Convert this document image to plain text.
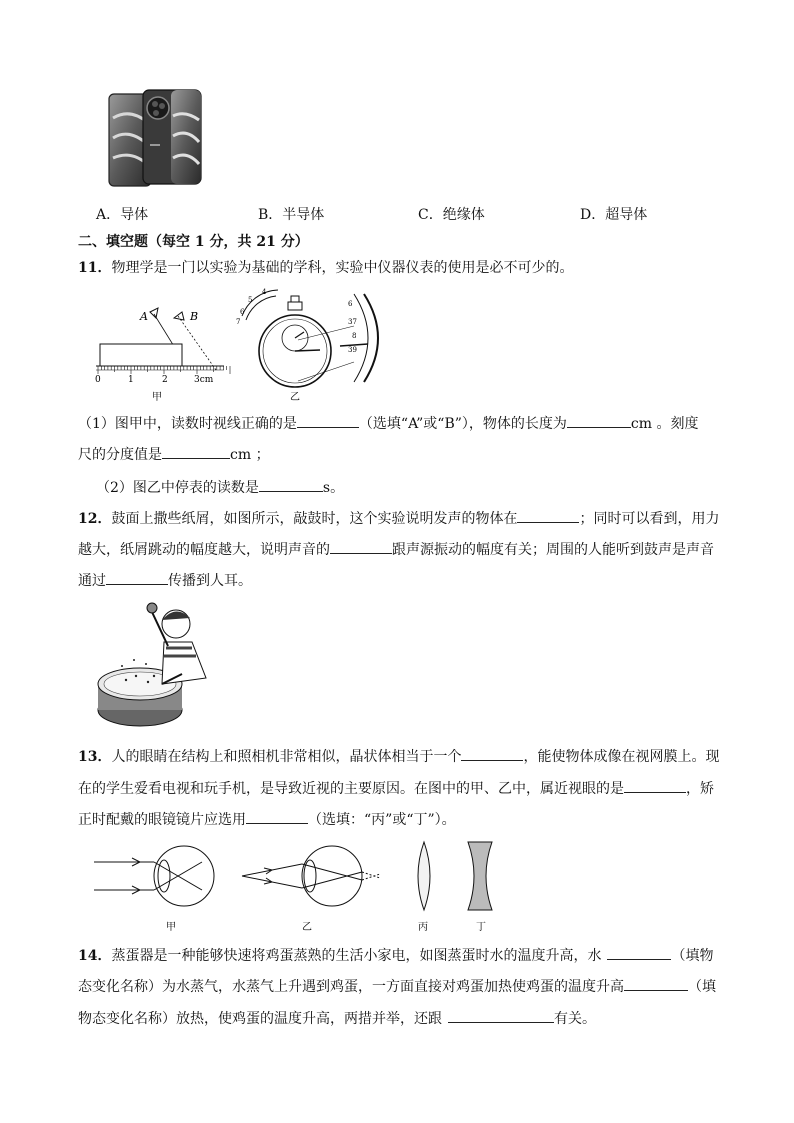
A．导体	B．半导体	C．绝缘体	D．超导体
二、填空题（每空 1 分，共 21 分）
11．物理学是一门以实验为基础的学科，实验中仪器仪表的使用是必不可少的。
A	B
0	1	2	3cm
甲
4
5
6
7
6
37
8
39
乙
（1）图甲中，读数时视线正确的是	（选填“A”或“B”），物体的长度为	cm 。刻度
尺的分度值是	cm ；
（2）图乙中停表的读数是	s。
12．鼓面上撒些纸屑，如图所示，敲鼓时，这个实验说明发声的物体在	；同时可以看到，用力
越大，纸屑跳动的幅度越大，说明声音的	跟声源振动的幅度有关；周围的人能听到鼓声是声音
通过	传播到人耳。
13．人的眼睛在结构上和照相机非常相似，晶状体相当于一个	，能使物体成像在视网膜上。现
在的学生爱看电视和玩手机，是导致近视的主要原因。在图中的甲、乙中，属近视眼的是	，矫
正时配戴的眼镜镜片应选用	（选填：“丙”或“丁”）。
甲	乙	丙	丁
14．蒸蛋器是一种能够快速将鸡蛋蒸熟的生活小家电，如图蒸蛋时水的温度升高，水	（填物
态变化名称）为水蒸气，水蒸气上升遇到鸡蛋，一方面直接对鸡蛋加热使鸡蛋的温度升高	（填
物态变化名称）放热，使鸡蛋的温度升高，两措并举，还跟	有关。
